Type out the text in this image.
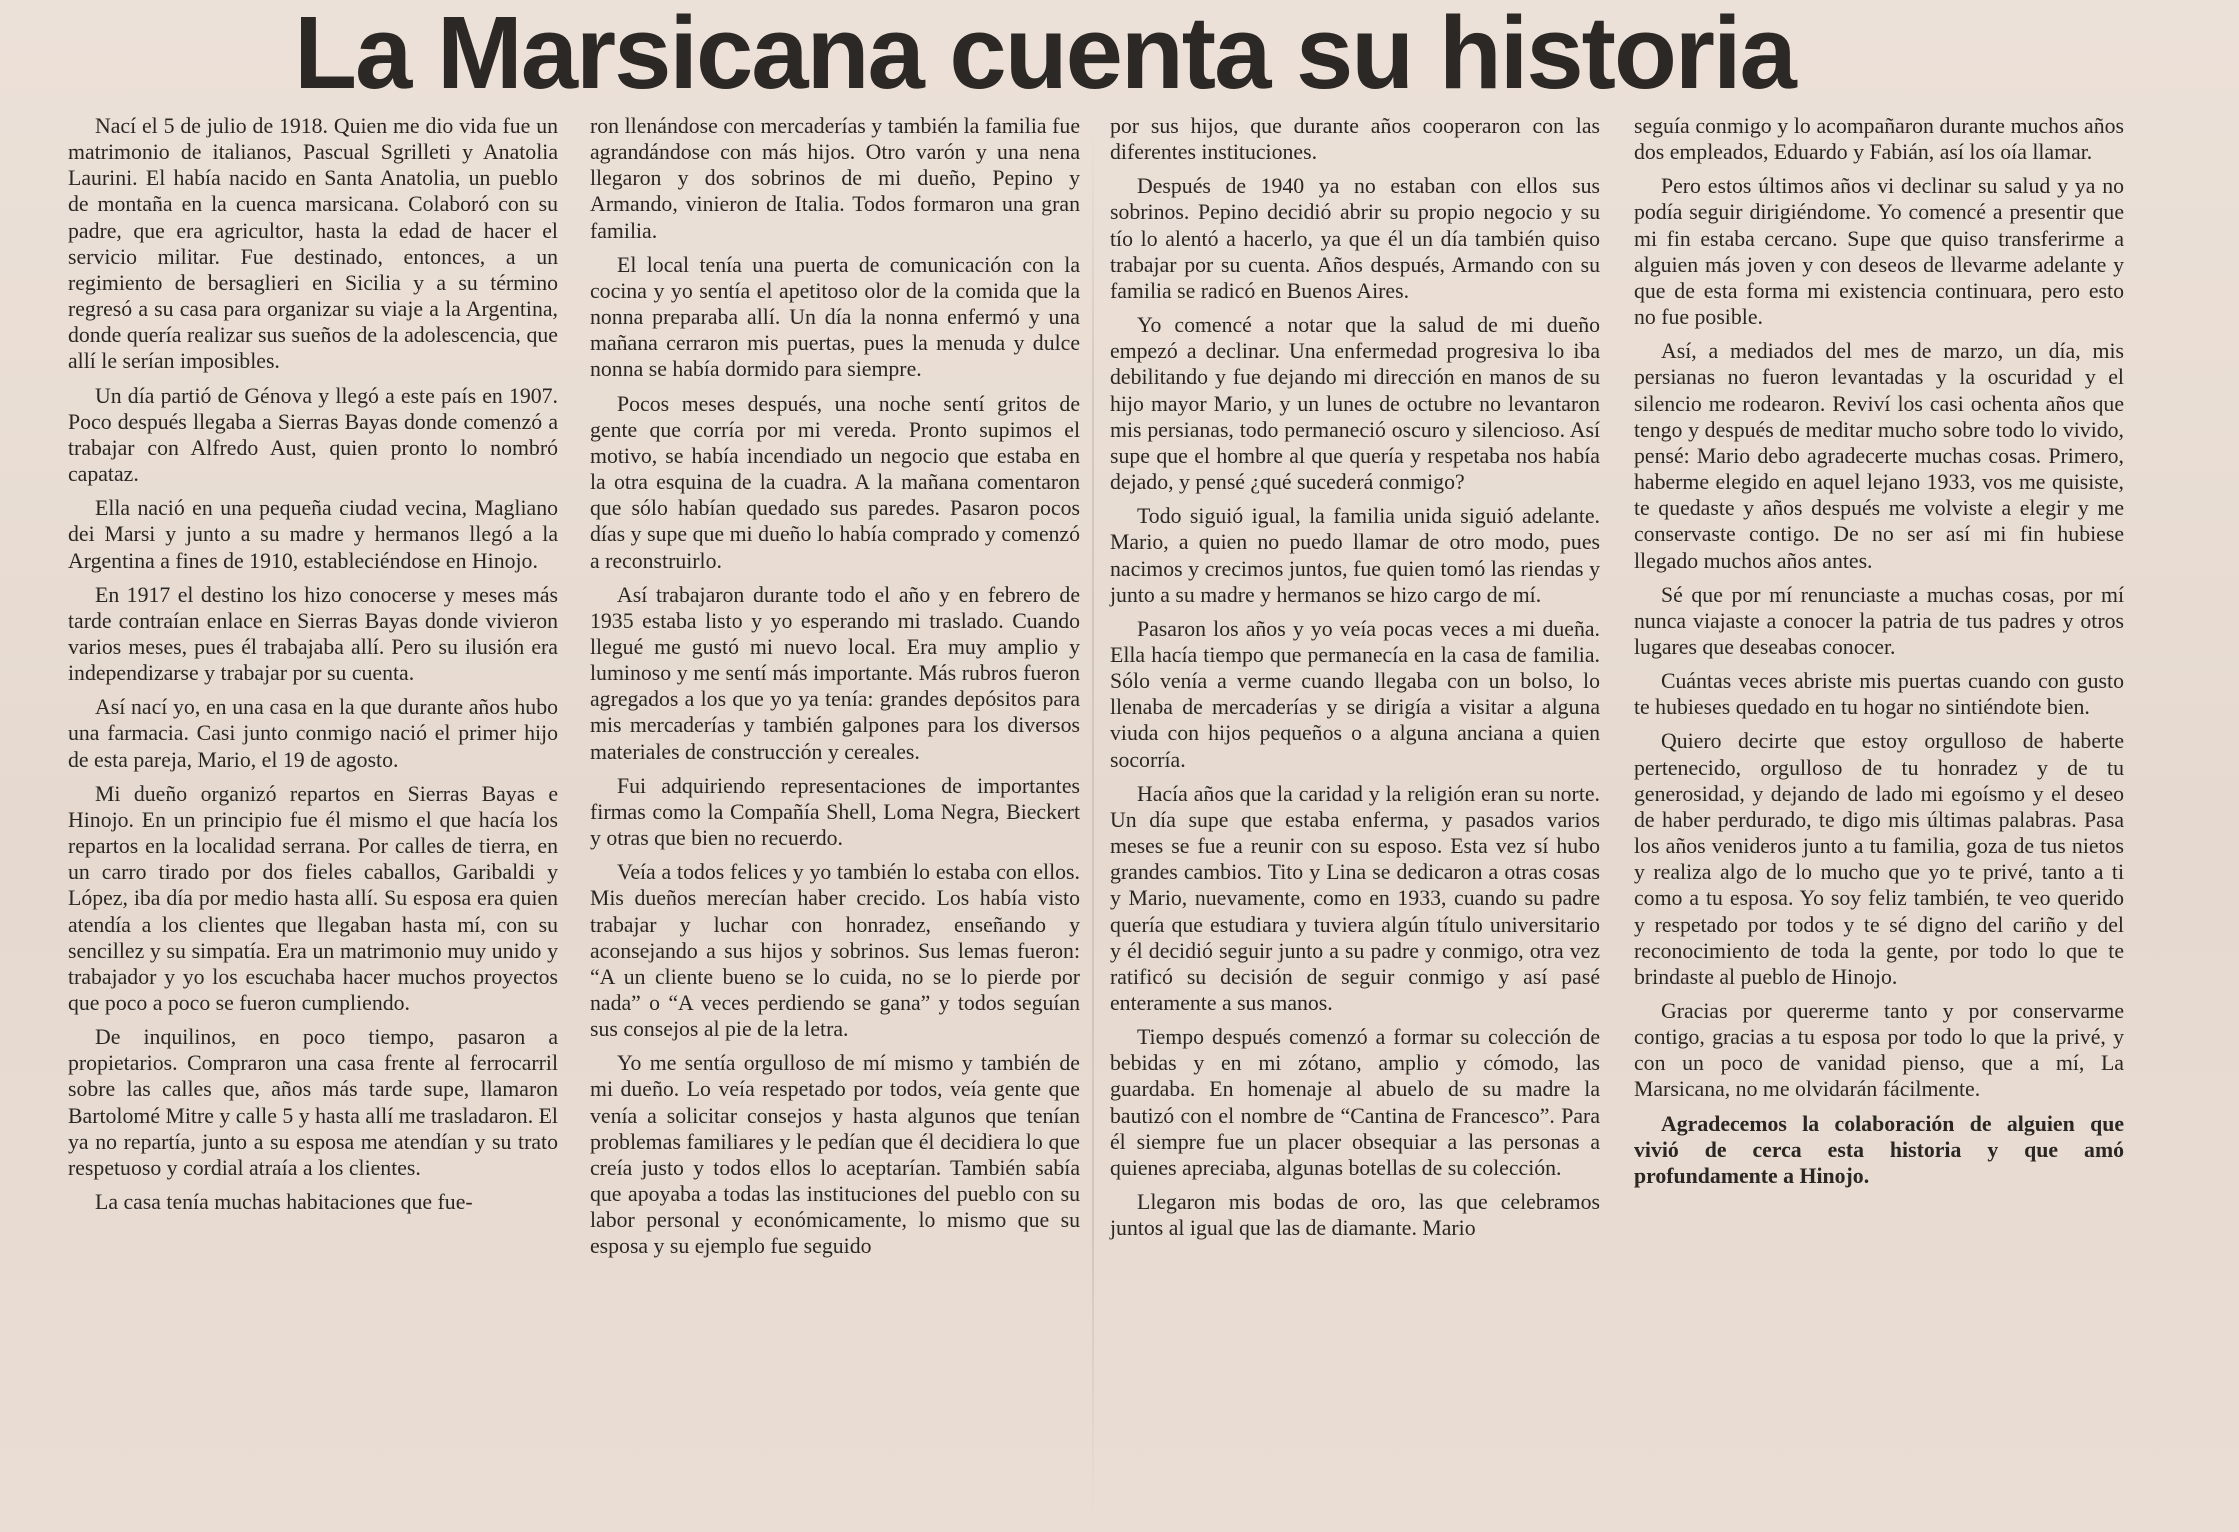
La Marsicana cuenta su historia

Nací el 5 de julio de 1918. Quien me dio vida fue un matrimonio de italianos, Pascual Sgrilleti y Anatolia Laurini. El había nacido en Santa Anatolia, un pueblo de montaña en la cuenca marsicana. Colaboró con su padre, que era agricultor, hasta la edad de hacer el servicio militar. Fue destinado, entonces, a un regimiento de bersaglieri en Sicilia y a su término regresó a su casa para organizar su viaje a la Argentina, donde quería realizar sus sueños de la adolescencia, que allí le serían imposibles.

Un día partió de Génova y llegó a este país en 1907. Poco después llegaba a Sierras Bayas donde comenzó a trabajar con Alfredo Aust, quien pronto lo nombró capataz.

Ella nació en una pequeña ciudad vecina, Magliano dei Marsi y junto a su madre y hermanos llegó a la Argentina a fines de 1910, estableciéndose en Hinojo.

En 1917 el destino los hizo conocerse y meses más tarde contraían enlace en Sierras Bayas donde vivieron varios meses, pues él trabajaba allí. Pero su ilusión era independizarse y trabajar por su cuenta.

Así nací yo, en una casa en la que durante años hubo una farmacia. Casi junto conmigo nació el primer hijo de esta pareja, Mario, el 19 de agosto.

Mi dueño organizó repartos en Sierras Bayas e Hinojo. En un principio fue él mismo el que hacía los repartos en la localidad serrana. Por calles de tierra, en un carro tirado por dos fieles caballos, Garibaldi y López, iba día por medio hasta allí. Su esposa era quien atendía a los clientes que llegaban hasta mí, con su sencillez y su simpatía. Era un matrimonio muy unido y trabajador y yo los escuchaba hacer muchos proyectos que poco a poco se fueron cumpliendo.

De inquilinos, en poco tiempo, pasaron a propietarios. Compraron una casa frente al ferrocarril sobre las calles que, años más tarde supe, llamaron Bartolomé Mitre y calle 5 y hasta allí me trasladaron. El ya no repartía, junto a su esposa me atendían y su trato respetuoso y cordial atraía a los clientes.

La casa tenía muchas habitaciones que fue-

ron llenándose con mercaderías y también la familia fue agrandándose con más hijos. Otro varón y una nena llegaron y dos sobrinos de mi dueño, Pepino y Armando, vinieron de Italia. Todos formaron una gran familia.

El local tenía una puerta de comunicación con la cocina y yo sentía el apetitoso olor de la comida que la nonna preparaba allí. Un día la nonna enfermó y una mañana cerraron mis puertas, pues la menuda y dulce nonna se había dormido para siempre.

Pocos meses después, una noche sentí gritos de gente que corría por mi vereda. Pronto supimos el motivo, se había incendiado un negocio que estaba en la otra esquina de la cuadra. A la mañana comentaron que sólo habían quedado sus paredes. Pasaron pocos días y supe que mi dueño lo había comprado y comenzó a reconstruirlo.

Así trabajaron durante todo el año y en febrero de 1935 estaba listo y yo esperando mi traslado. Cuando llegué me gustó mi nuevo local. Era muy amplio y luminoso y me sentí más importante. Más rubros fueron agregados a los que yo ya tenía: grandes depósitos para mis mercaderías y también galpones para los diversos materiales de construcción y cereales.

Fui adquiriendo representaciones de importantes firmas como la Compañía Shell, Loma Negra, Bieckert y otras que bien no recuerdo.

Veía a todos felices y yo también lo estaba con ellos. Mis dueños merecían haber crecido. Los había visto trabajar y luchar con honradez, enseñando y aconsejando a sus hijos y sobrinos. Sus lemas fueron: “A un cliente bueno se lo cuida, no se lo pierde por nada” o “A veces perdiendo se gana” y todos seguían sus consejos al pie de la letra.

Yo me sentía orgulloso de mí mismo y también de mi dueño. Lo veía respetado por todos, veía gente que venía a solicitar consejos y hasta algunos que tenían problemas familiares y le pedían que él decidiera lo que creía justo y todos ellos lo aceptarían. También sabía que apoyaba a todas las instituciones del pueblo con su labor personal y económicamente, lo mismo que su esposa y su ejemplo fue seguido

por sus hijos, que durante años cooperaron con las diferentes instituciones.

Después de 1940 ya no estaban con ellos sus sobrinos. Pepino decidió abrir su propio negocio y su tío lo alentó a hacerlo, ya que él un día también quiso trabajar por su cuenta. Años después, Armando con su familia se radicó en Buenos Aires.

Yo comencé a notar que la salud de mi dueño empezó a declinar. Una enfermedad progresiva lo iba debilitando y fue dejando mi dirección en manos de su hijo mayor Mario, y un lunes de octubre no levantaron mis persianas, todo permaneció oscuro y silencioso. Así supe que el hombre al que quería y respetaba nos había dejado, y pensé ¿qué sucederá conmigo?

Todo siguió igual, la familia unida siguió adelante. Mario, a quien no puedo llamar de otro modo, pues nacimos y crecimos juntos, fue quien tomó las riendas y junto a su madre y hermanos se hizo cargo de mí.

Pasaron los años y yo veía pocas veces a mi dueña. Ella hacía tiempo que permanecía en la casa de familia. Sólo venía a verme cuando llegaba con un bolso, lo llenaba de mercaderías y se dirigía a visitar a alguna viuda con hijos pequeños o a alguna anciana a quien socorría.

Hacía años que la caridad y la religión eran su norte. Un día supe que estaba enferma, y pasados varios meses se fue a reunir con su esposo. Esta vez sí hubo grandes cambios. Tito y Lina se dedicaron a otras cosas y Mario, nuevamente, como en 1933, cuando su padre quería que estudiara y tuviera algún título universitario y él decidió seguir junto a su padre y conmigo, otra vez ratificó su decisión de seguir conmigo y así pasé enteramente a sus manos.

Tiempo después comenzó a formar su colección de bebidas y en mi zótano, amplio y cómodo, las guardaba. En homenaje al abuelo de su madre la bautizó con el nombre de “Cantina de Francesco”. Para él siempre fue un placer obsequiar a las personas a quienes apreciaba, algunas botellas de su colección.

Llegaron mis bodas de oro, las que celebramos juntos al igual que las de diamante. Mario

seguía conmigo y lo acompañaron durante muchos años dos empleados, Eduardo y Fabián, así los oía llamar.

Pero estos últimos años vi declinar su salud y ya no podía seguir dirigiéndome. Yo comencé a presentir que mi fin estaba cercano. Supe que quiso transferirme a alguien más joven y con deseos de llevarme adelante y que de esta forma mi existencia continuara, pero esto no fue posible.

Así, a mediados del mes de marzo, un día, mis persianas no fueron levantadas y la oscuridad y el silencio me rodearon. Reviví los casi ochenta años que tengo y después de meditar mucho sobre todo lo vivido, pensé: Mario debo agradecerte muchas cosas. Primero, haberme elegido en aquel lejano 1933, vos me quisiste, te quedaste y años después me volviste a elegir y me conservaste contigo. De no ser así mi fin hubiese llegado muchos años antes.

Sé que por mí renunciaste a muchas cosas, por mí nunca viajaste a conocer la patria de tus padres y otros lugares que deseabas conocer.

Cuántas veces abriste mis puertas cuando con gusto te hubieses quedado en tu hogar no sintiéndote bien.

Quiero decirte que estoy orgulloso de haberte pertenecido, orgulloso de tu honradez y de tu generosidad, y dejando de lado mi egoísmo y el deseo de haber perdurado, te digo mis últimas palabras. Pasa los años venideros junto a tu familia, goza de tus nietos y realiza algo de lo mucho que yo te privé, tanto a ti como a tu esposa. Yo soy feliz también, te veo querido y respetado por todos y te sé digno del cariño y del reconocimiento de toda la gente, por todo lo que te brindaste al pueblo de Hinojo.

Gracias por quererme tanto y por conservarme contigo, gracias a tu esposa por todo lo que la privé, y con un poco de vanidad pienso, que a mí, La Marsicana, no me olvidarán fácilmente.

Agradecemos la colaboración de alguien que vivió de cerca esta historia y que amó profundamente a Hinojo.
